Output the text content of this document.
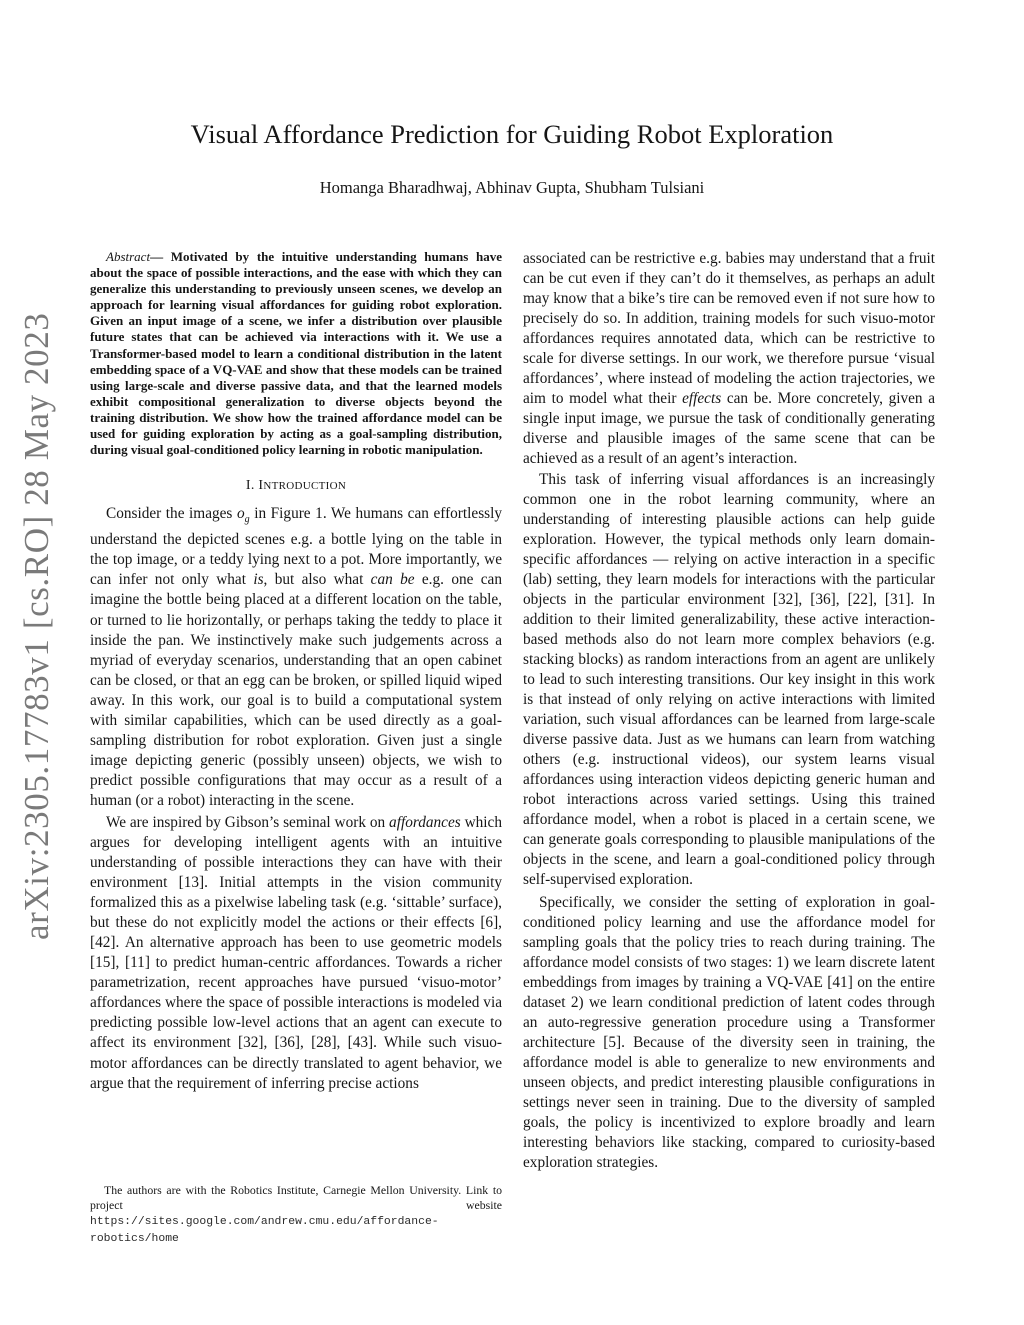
arXiv:2305.17783v1 [cs.RO] 28 May 2023
Visual Affordance Prediction for Guiding Robot Exploration
Homanga Bharadhwaj, Abhinav Gupta, Shubham Tulsiani

Abstract— Motivated by the intuitive understanding humans have about the space of possible interactions, and the ease with which they can generalize this understanding to previously unseen scenes, we develop an approach for learning visual affordances for guiding robot exploration. Given an input image of a scene, we infer a distribution over plausible future states that can be achieved via interactions with it. We use a Transformer-based model to learn a conditional distribution in the latent embedding space of a VQ-VAE and show that these models can be trained using large-scale and diverse passive data, and that the learned models exhibit compositional generalization to diverse objects beyond the training distribution. We show how the trained affordance model can be used for guiding exploration by acting as a goal-sampling distribution, during visual goal-conditioned policy learning in robotic manipulation.

I. INTRODUCTION

Consider the images $o_g$ in Figure 1. We humans can effortlessly understand the depicted scenes e.g. a bottle lying on the table in the top image, or a teddy lying next to a pot. More importantly, we can infer not only what is, but also what can be e.g. one can imagine the bottle being placed at a different location on the table, or turned to lie horizontally, or perhaps taking the teddy to place it inside the pan. We instinctively make such judgements across a myriad of everyday scenarios, understanding that an open cabinet can be closed, or that an egg can be broken, or spilled liquid wiped away. In this work, our goal is to build a computational system with similar capabilities, which can be used directly as a goal-sampling distribution for robot exploration. Given just a single image depicting generic (possibly unseen) objects, we wish to predict possible configurations that may occur as a result of a human (or a robot) interacting in the scene.

We are inspired by Gibson’s seminal work on affordances which argues for developing intelligent agents with an intuitive understanding of possible interactions they can have with their environment [13]. Initial attempts in the vision community formalized this as a pixelwise labeling task (e.g. ‘sittable’ surface), but these do not explicitly model the actions or their effects [6], [42]. An alternative approach has been to use geometric models [15], [11] to predict human-centric affordances. Towards a richer parametrization, recent approaches have pursued ‘visuo-motor’ affordances where the space of possible interactions is modeled via predicting possible low-level actions that an agent can execute to affect its environment [32], [36], [28], [43]. While such visuo-motor affordances can be directly translated to agent behavior, we argue that the requirement of inferring precise actions

The authors are with the Robotics Institute, Carnegie Mellon University. Link to project website https://sites.google.com/andrew.cmu.edu/affordance-robotics/home

associated can be restrictive e.g. babies may understand that a fruit can be cut even if they can’t do it themselves, as perhaps an adult may know that a bike’s tire can be removed even if not sure how to precisely do so. In addition, training models for such visuo-motor affordances requires annotated data, which can be restrictive to scale for diverse settings. In our work, we therefore pursue ‘visual affordances’, where instead of modeling the action trajectories, we aim to model what their effects can be. More concretely, given a single input image, we pursue the task of conditionally generating diverse and plausible images of the same scene that can be achieved as a result of an agent’s interaction.

This task of inferring visual affordances is an increasingly common one in the robot learning community, where an understanding of interesting plausible actions can help guide exploration. However, the typical methods only learn domain-specific affordances — relying on active interaction in a specific (lab) setting, they learn models for interactions with the particular objects in the particular environment [32], [36], [22], [31]. In addition to their limited generalizability, these active interaction-based methods also do not learn more complex behaviors (e.g. stacking blocks) as random interactions from an agent are unlikely to lead to such interesting transitions. Our key insight in this work is that instead of only relying on active interactions with limited variation, such visual affordances can be learned from large-scale diverse passive data. Just as we humans can learn from watching others (e.g. instructional videos), our system learns visual affordances using interaction videos depicting generic human and robot interactions across varied settings. Using this trained affordance model, when a robot is placed in a certain scene, we can generate goals corresponding to plausible manipulations of the objects in the scene, and learn a goal-conditioned policy through self-supervised exploration.

Specifically, we consider the setting of exploration in goal-conditioned policy learning and use the affordance model for sampling goals that the policy tries to reach during training. The affordance model consists of two stages: 1) we learn discrete latent embeddings from images by training a VQ-VAE [41] on the entire dataset 2) we learn conditional prediction of latent codes through an auto-regressive generation procedure using a Transformer architecture [5]. Because of the diversity seen in training, the affordance model is able to generalize to new environments and unseen objects, and predict interesting plausible configurations in settings never seen in training. Due to the diversity of sampled goals, the policy is incentivized to explore broadly and learn interesting behaviors like stacking, compared to curiosity-based exploration strategies.
